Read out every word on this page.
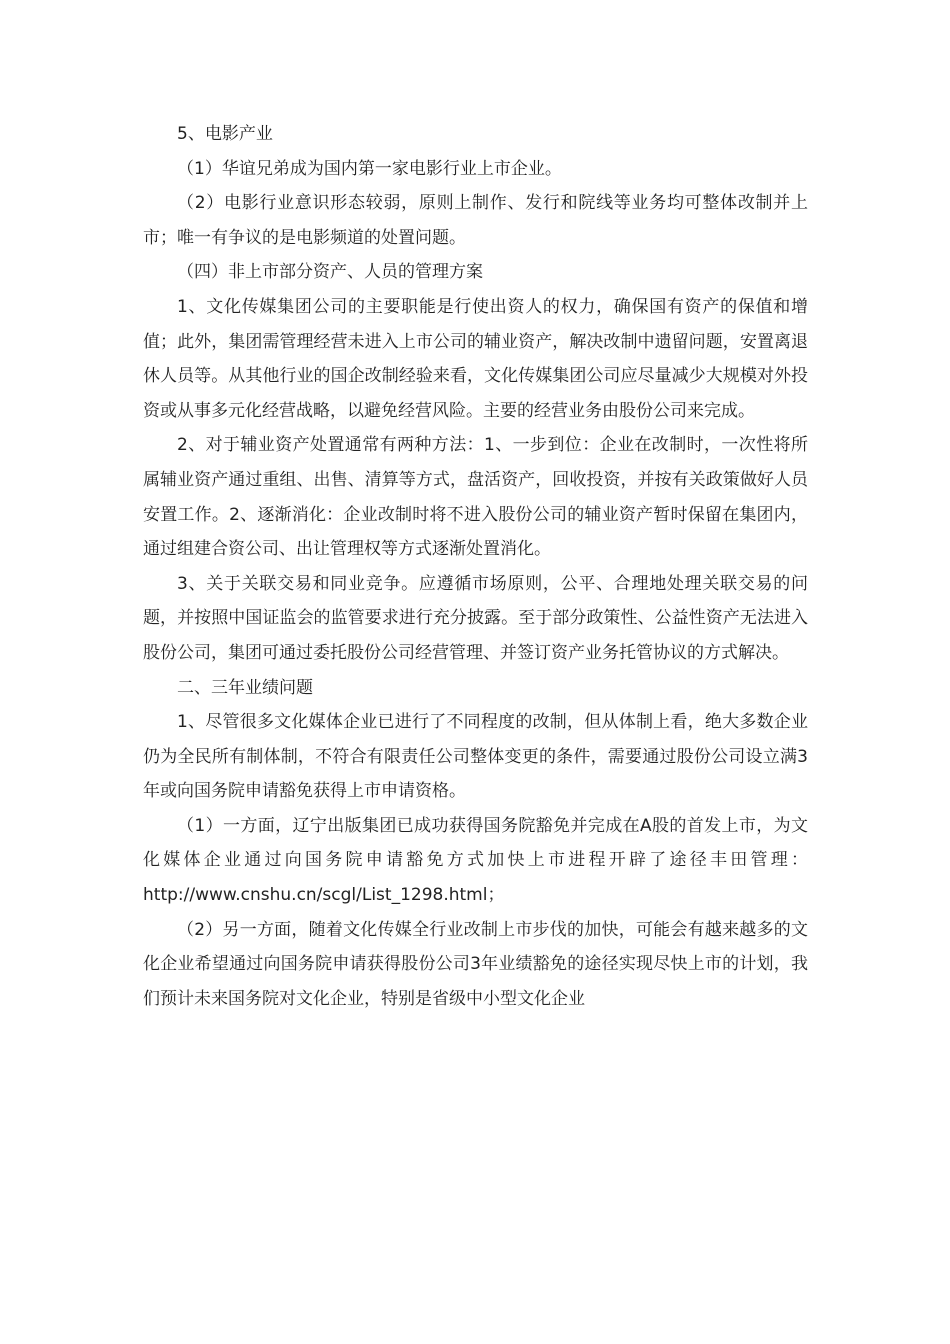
5、电影产业

（1）华谊兄弟成为国内第一家电影行业上市企业。

（2）电影行业意识形态较弱，原则上制作、发行和院线等业务均可整体改制并上市；唯一有争议的是电影频道的处置问题。

（四）非上市部分资产、人员的管理方案

1、文化传媒集团公司的主要职能是行使出资人的权力，确保国有资产的保值和增值；此外，集团需管理经营未进入上市公司的辅业资产，解决改制中遗留问题，安置离退休人员等。从其他行业的国企改制经验来看，文化传媒集团公司应尽量减少大规模对外投资或从事多元化经营战略，以避免经营风险。主要的经营业务由股份公司来完成。

2、对于辅业资产处置通常有两种方法：1、一步到位：企业在改制时，一次性将所属辅业资产通过重组、出售、清算等方式，盘活资产，回收投资，并按有关政策做好人员安置工作。2、逐渐消化：企业改制时将不进入股份公司的辅业资产暂时保留在集团内，通过组建合资公司、出让管理权等方式逐渐处置消化。

3、关于关联交易和同业竞争。应遵循市场原则，公平、合理地处理关联交易的问题，并按照中国证监会的监管要求进行充分披露。至于部分政策性、公益性资产无法进入股份公司，集团可通过委托股份公司经营管理、并签订资产业务托管协议的方式解决。

二、三年业绩问题

1、尽管很多文化媒体企业已进行了不同程度的改制，但从体制上看，绝大多数企业仍为全民所有制体制，不符合有限责任公司整体变更的条件，需要通过股份公司设立满3年或向国务院申请豁免获得上市申请资格。

（1）一方面，辽宁出版集团已成功获得国务院豁免并完成在A股的首发上市，为文化媒体企业通过向国务院申请豁免方式加快上市进程开辟了途径丰田管理：http://www.cnshu.cn/scgl/List_1298.html；

（2）另一方面，随着文化传媒全行业改制上市步伐的加快，可能会有越来越多的文化企业希望通过向国务院申请获得股份公司3年业绩豁免的途径实现尽快上市的计划，我们预计未来国务院对文化企业，特别是省级中小型文化企业
